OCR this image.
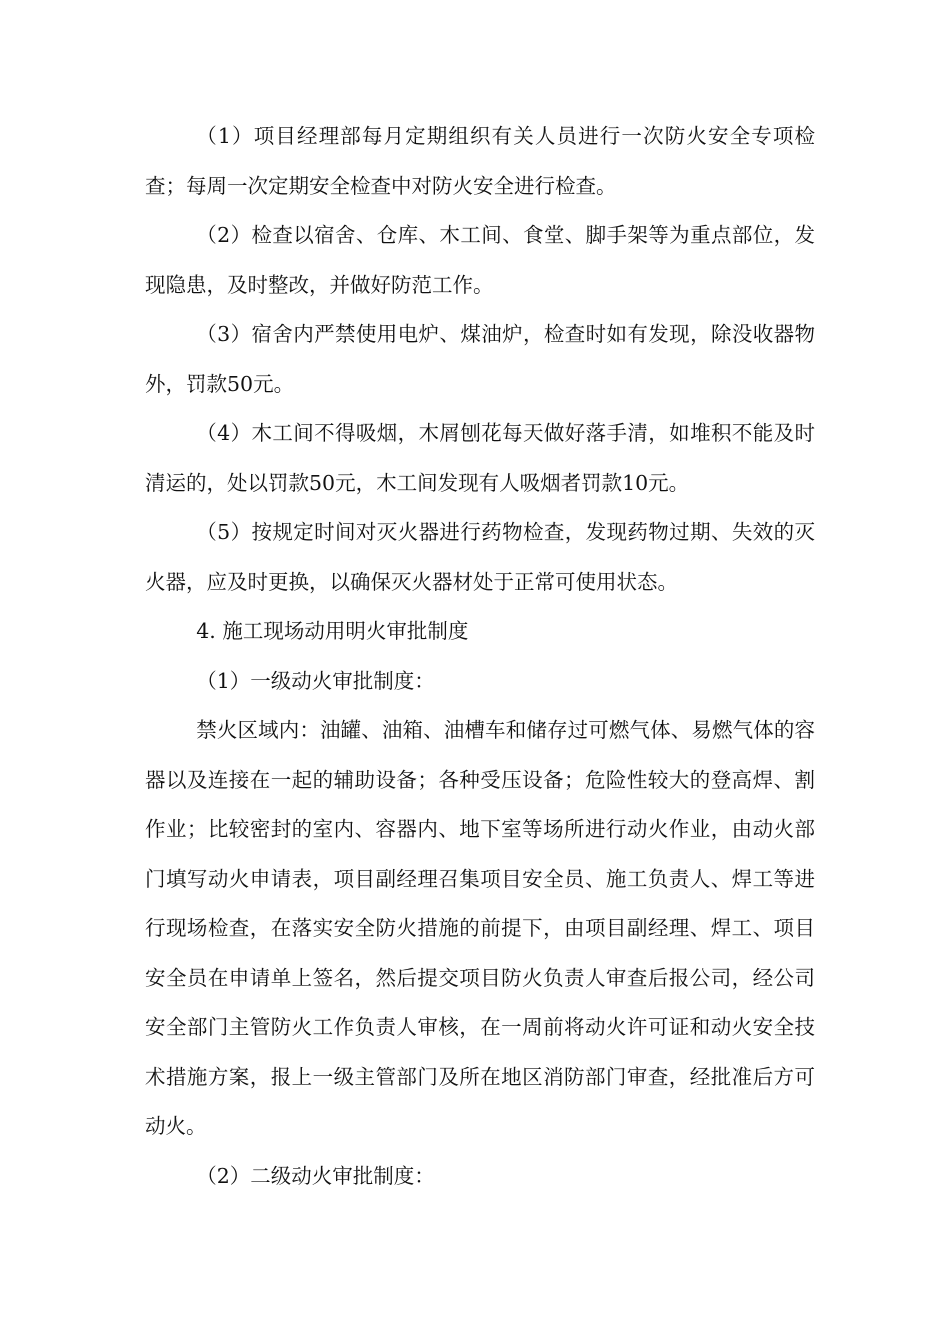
（1）项目经理部每月定期组织有关人员进行一次防火安全专项检查；每周一次定期安全检查中对防火安全进行检查。

（2）检查以宿舍、仓库、木工间、食堂、脚手架等为重点部位，发现隐患，及时整改，并做好防范工作。

（3）宿舍内严禁使用电炉、煤油炉，检查时如有发现，除没收器物外，罚款50元。

（4）木工间不得吸烟，木屑刨花每天做好落手清，如堆积不能及时清运的，处以罚款50元，木工间发现有人吸烟者罚款10元。

（5）按规定时间对灭火器进行药物检查，发现药物过期、失效的灭火器，应及时更换，以确保灭火器材处于正常可使用状态。

4. 施工现场动用明火审批制度

（1）一级动火审批制度：

禁火区域内：油罐、油箱、油槽车和储存过可燃气体、易燃气体的容器以及连接在一起的辅助设备；各种受压设备；危险性较大的登高焊、割作业；比较密封的室内、容器内、地下室等场所进行动火作业，由动火部门填写动火申请表，项目副经理召集项目安全员、施工负责人、焊工等进行现场检查，在落实安全防火措施的前提下，由项目副经理、焊工、项目安全员在申请单上签名，然后提交项目防火负责人审查后报公司，经公司安全部门主管防火工作负责人审核，在一周前将动火许可证和动火安全技术措施方案，报上一级主管部门及所在地区消防部门审查，经批准后方可动火。

（2）二级动火审批制度：
